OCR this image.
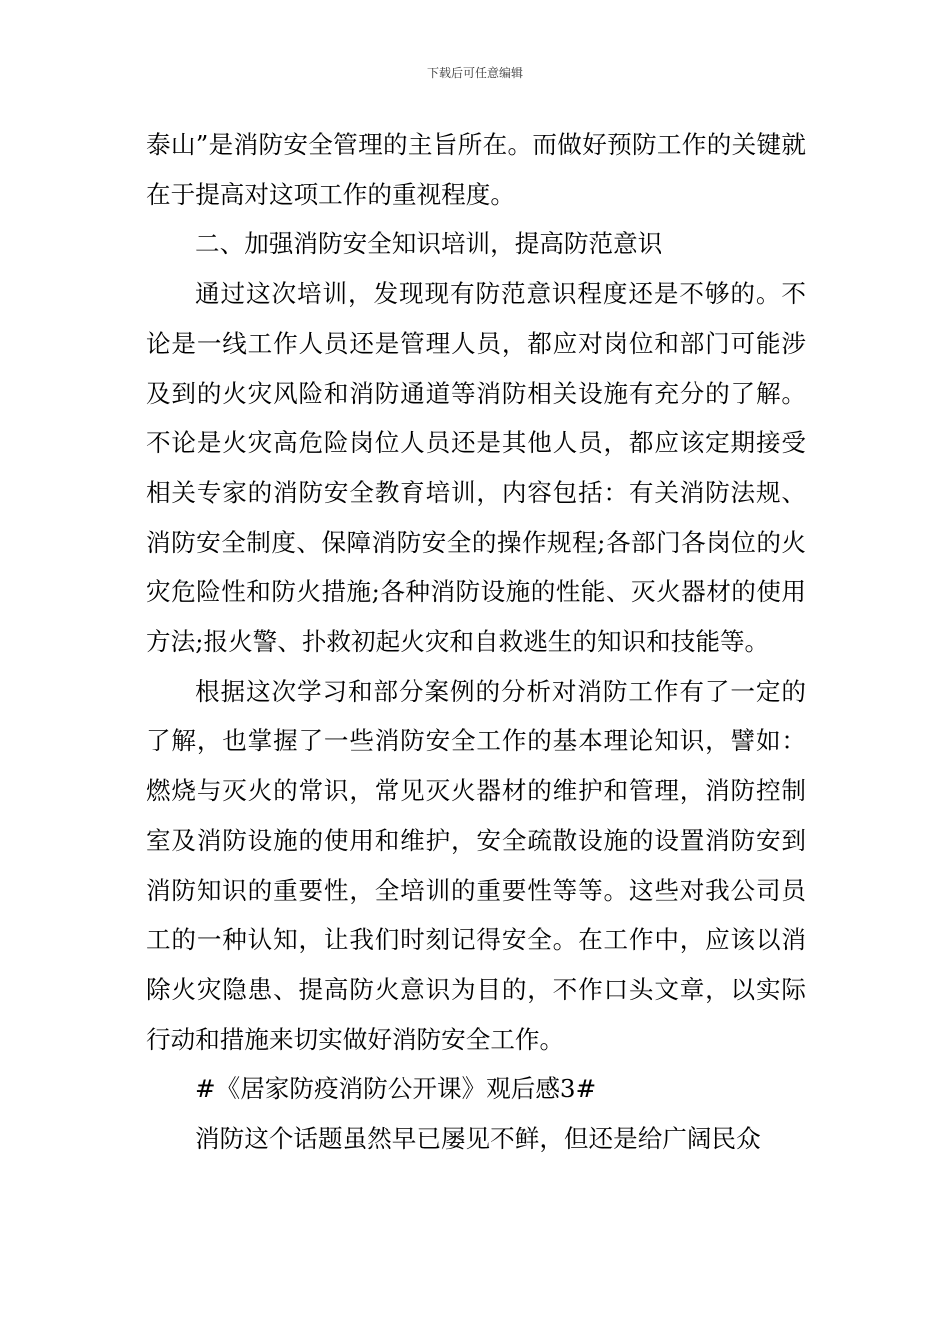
下载后可任意编辑

泰山”是消防安全管理的主旨所在。而做好预防工作的关键就在于提高对这项工作的重视程度。

二、加强消防安全知识培训，提高防范意识

通过这次培训，发现现有防范意识程度还是不够的。不论是一线工作人员还是管理人员，都应对岗位和部门可能涉及到的火灾风险和消防通道等消防相关设施有充分的了解。不论是火灾高危险岗位人员还是其他人员，都应该定期接受相关专家的消防安全教育培训，内容包括：有关消防法规、消防安全制度、保障消防安全的操作规程;各部门各岗位的火灾危险性和防火措施;各种消防设施的性能、灭火器材的使用方法;报火警、扑救初起火灾和自救逃生的知识和技能等。

根据这次学习和部分案例的分析对消防工作有了一定的了解，也掌握了一些消防安全工作的基本理论知识，譬如：燃烧与灭火的常识，常见灭火器材的维护和管理，消防控制室及消防设施的使用和维护，安全疏散设施的设置消防安到消防知识的重要性，全培训的重要性等等。这些对我公司员工的一种认知，让我们时刻记得安全。在工作中，应该以消除火灾隐患、提高防火意识为目的，不作口头文章，以实际行动和措施来切实做好消防安全工作。

#《居家防疫消防公开课》观后感3#

消防这个话题虽然早已屡见不鲜，但还是给广阔民众
